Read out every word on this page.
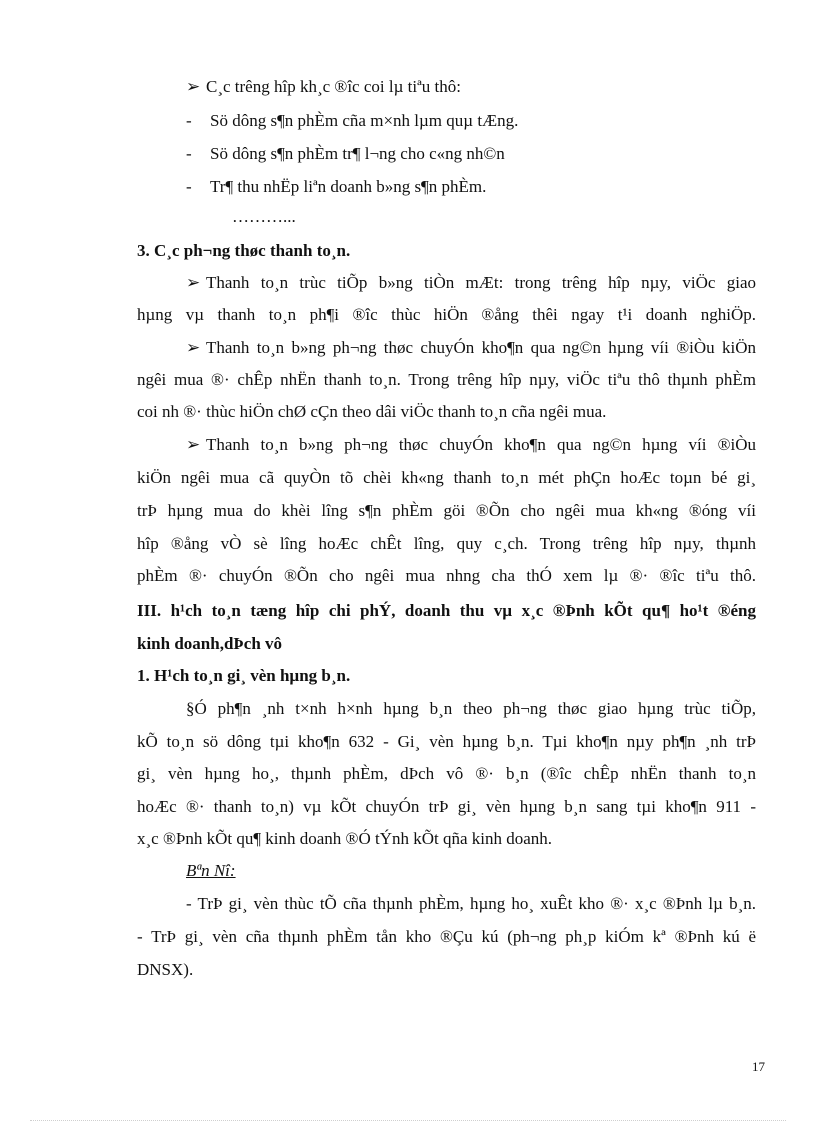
➢ C¸c trêng hîp kh¸c ®îc coi lµ tiªu thô:
- Sö dông s¶n phÈm cña m×nh lµm quµ tÆng.
- Sö dông s¶n phÈm tr¶ l¬ng cho c«ng nh©n
- Tr¶ thu nhËp liªn doanh b»ng s¶n phÈm.
………...
3. C¸c ph¬ng thøc thanh to¸n.
➢ Thanh to¸n trùc tiÕp b»ng tiÒn mÆt: trong trêng hîp nµy, viÖc giao
hµng vµ thanh to¸n ph¶i ®îc thùc hiÖn ®ång thêi ngay t¹i doanh nghiÖp.
➢ Thanh to¸n b»ng ph¬ng thøc chuyÓn kho¶n qua ng©n hµng víi ®iÒu kiÖn
ngêi mua ®· chÊp nhËn thanh to¸n. Trong trêng hîp nµy, viÖc tiªu thô thµnh phÈm
coi nh ®· thùc hiÖn chØ cÇn theo dâi viÖc thanh to¸n cña ngêi mua.
➢ Thanh to¸n b»ng ph¬ng thøc chuyÓn kho¶n qua ng©n hµng víi ®iÒu
kiÖn ngêi mua cã quyÒn tõ chèi kh«ng thanh to¸n mét phÇn hoÆc toµn bé gi¸
trÞ hµng mua do khèi lîng s¶n phÈm göi ®Õn cho ngêi mua kh«ng ®óng víi
hîp ®ång vÒ sè lîng hoÆc chÊt lîng, quy c¸ch. Trong trêng hîp nµy, thµnh
phÈm ®· chuyÓn ®Õn cho ngêi mua nhng cha thÓ xem lµ ®· ®îc tiªu thô.
III. h¹ch to¸n tæng hîp chi phÝ, doanh thu vµ x¸c ®Þnh kÕt qu¶ ho¹t ®éng
kinh doanh,dÞch vô
1. H¹ch to¸n gi¸ vèn hµng b¸n.
§Ó ph¶n ¸nh t×nh h×nh hµng b¸n theo ph¬ng thøc giao hµng trùc tiÕp,
kÕ to¸n sö dông tµi kho¶n 632 - Gi¸ vèn hµng b¸n. Tµi kho¶n nµy ph¶n ¸nh trÞ
gi¸ vèn hµng ho¸, thµnh phÈm, dÞch vô ®· b¸n (®îc chÊp nhËn thanh to¸n
hoÆc ®· thanh to¸n) vµ kÕt chuyÓn trÞ gi¸ vèn hµng b¸n sang tµi kho¶n 911 -
x¸c ®Þnh kÕt qu¶ kinh doanh ®Ó tÝnh kÕt qña kinh doanh.
Bªn Nî:
- TrÞ gi¸ vèn thùc tÕ cña thµnh phÈm, hµng ho¸ xuÊt kho ®· x¸c ®Þnh lµ b¸n.
- TrÞ gi¸ vèn cña thµnh phÈm tån kho ®Çu kú (ph¬ng ph¸p kiÓm kª ®Þnh kú ë
DNSX).
17
